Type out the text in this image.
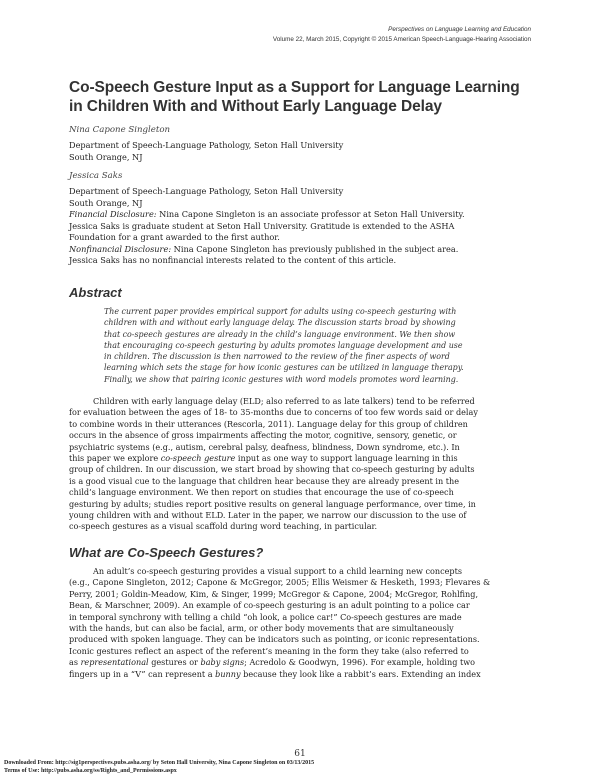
Perspectives on Language Learning and Education
Volume 22, March 2015, Copyright © 2015 American Speech-Language-Hearing Association
Co-Speech Gesture Input as a Support for Language Learning
in Children With and Without Early Language Delay
Nina Capone Singleton
Department of Speech-Language Pathology, Seton Hall University
South Orange, NJ
Jessica Saks
Department of Speech-Language Pathology, Seton Hall University
South Orange, NJ
Financial Disclosure: Nina Capone Singleton is an associate professor at Seton Hall University.
Jessica Saks is graduate student at Seton Hall University. Gratitude is extended to the ASHA
Foundation for a grant awarded to the first author.
Nonfinancial Disclosure: Nina Capone Singleton has previously published in the subject area.
Jessica Saks has no nonfinancial interests related to the content of this article.
Abstract
The current paper provides empirical support for adults using co-speech gesturing with
children with and without early language delay. The discussion starts broad by showing
that co-speech gestures are already in the child’s language environment. We then show
that encouraging co-speech gesturing by adults promotes language development and use
in children. The discussion is then narrowed to the review of the finer aspects of word
learning which sets the stage for how iconic gestures can be utilized in language therapy.
Finally, we show that pairing iconic gestures with word models promotes word learning.
Children with early language delay (ELD; also referred to as late talkers) tend to be referred
for evaluation between the ages of 18- to 35-months due to concerns of too few words said or delay
to combine words in their utterances (Rescorla, 2011). Language delay for this group of children
occurs in the absence of gross impairments affecting the motor, cognitive, sensory, genetic, or
psychiatric systems (e.g., autism, cerebral palsy, deafness, blindness, Down syndrome, etc.). In
this paper we explore co-speech gesture input as one way to support language learning in this
group of children. In our discussion, we start broad by showing that co-speech gesturing by adults
is a good visual cue to the language that children hear because they are already present in the
child’s language environment. We then report on studies that encourage the use of co-speech
gesturing by adults; studies report positive results on general language performance, over time, in
young children with and without ELD. Later in the paper, we narrow our discussion to the use of
co-speech gestures as a visual scaffold during word teaching, in particular.
What are Co-Speech Gestures?
An adult’s co-speech gesturing provides a visual support to a child learning new concepts
(e.g., Capone Singleton, 2012; Capone & McGregor, 2005; Ellis Weismer & Hesketh, 1993; Flevares &
Perry, 2001; Goldin-Meadow, Kim, & Singer, 1999; McGregor & Capone, 2004; McGregor, Rohlfing,
Bean, & Marschner, 2009). An example of co-speech gesturing is an adult pointing to a police car
in temporal synchrony with telling a child “oh look, a police car!” Co-speech gestures are made
with the hands, but can also be facial, arm, or other body movements that are simultaneously
produced with spoken language. They can be indicators such as pointing, or iconic representations.
Iconic gestures reflect an aspect of the referent’s meaning in the form they take (also referred to
as representational gestures or baby signs; Acredolo & Goodwyn, 1996). For example, holding two
fingers up in a “V” can represent a bunny because they look like a rabbit’s ears. Extending an index
61
Downloaded From: http://sig1perspectives.pubs.asha.org/ by Seton Hall University, Nina Capone Singleton on 03/13/2015
Terms of Use: http://pubs.asha.org/ss/Rights_and_Permissions.aspx
